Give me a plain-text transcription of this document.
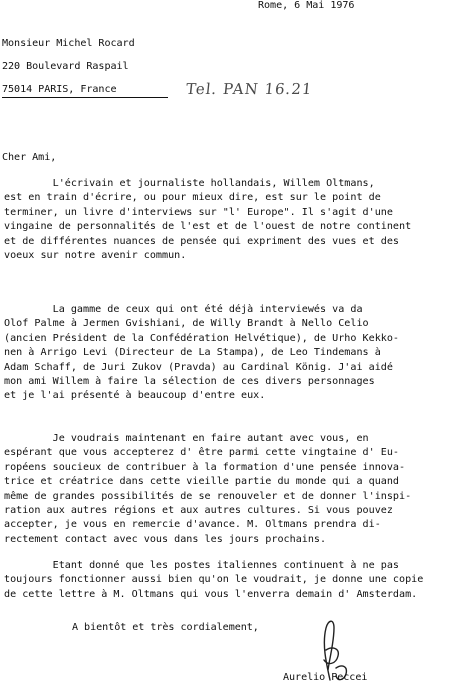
Rome, 6 Mai 1976
Monsieur Michel Rocard
220 Boulevard Raspail
75014 PARIS, France	Tel. PAN 16.21
Cher Ami,
L'écrivain et journaliste hollandais, Willem Oltmans,
est en train d'écrire, ou pour mieux dire, est sur le point de
terminer, un livre d'interviews sur "l' Europe". Il s'agit d'une
vingaine de personnalités de l'est et de l'ouest de notre continent
et de différentes nuances de pensée qui expriment des vues et des
voeux sur notre avenir commun.
La gamme de ceux qui ont été déjà interviewés va da
Olof Palme à Jermen Gvishiani, de Willy Brandt à Nello Celio
(ancien Président de la Confédération Helvétique), de Urho Kekko-
nen à Arrigo Levi (Directeur de La Stampa), de Leo Tindemans à
Adam Schaff, de Juri Zukov (Pravda) au Cardinal König. J'ai aidé
mon ami Willem à faire la sélection de ces divers personnages
et je l'ai présenté à beaucoup d'entre eux.
Je voudrais maintenant en faire autant avec vous, en
espérant que vous accepterez d' être parmi cette vingtaine d' Eu-
ropéens soucieux de contribuer à la formation d'une pensée innova-
trice et créatrice dans cette vieille partie du monde qui a quand
même de grandes possibilités de se renouveler et de donner l'inspi-
ration aux autres régions et aux autres cultures. Si vous pouvez
accepter, je vous en remercie d'avance. M. Oltmans prendra di-
rectement contact avec vous dans les jours prochains.
Etant donné que les postes italiennes continuent à ne pas
toujours fonctionner aussi bien qu'on le voudrait, je donne une copie
de cette lettre à M. Oltmans qui vous l'enverra demain d' Amsterdam.
A bientôt et très cordialement,
Aurelio Peccei
